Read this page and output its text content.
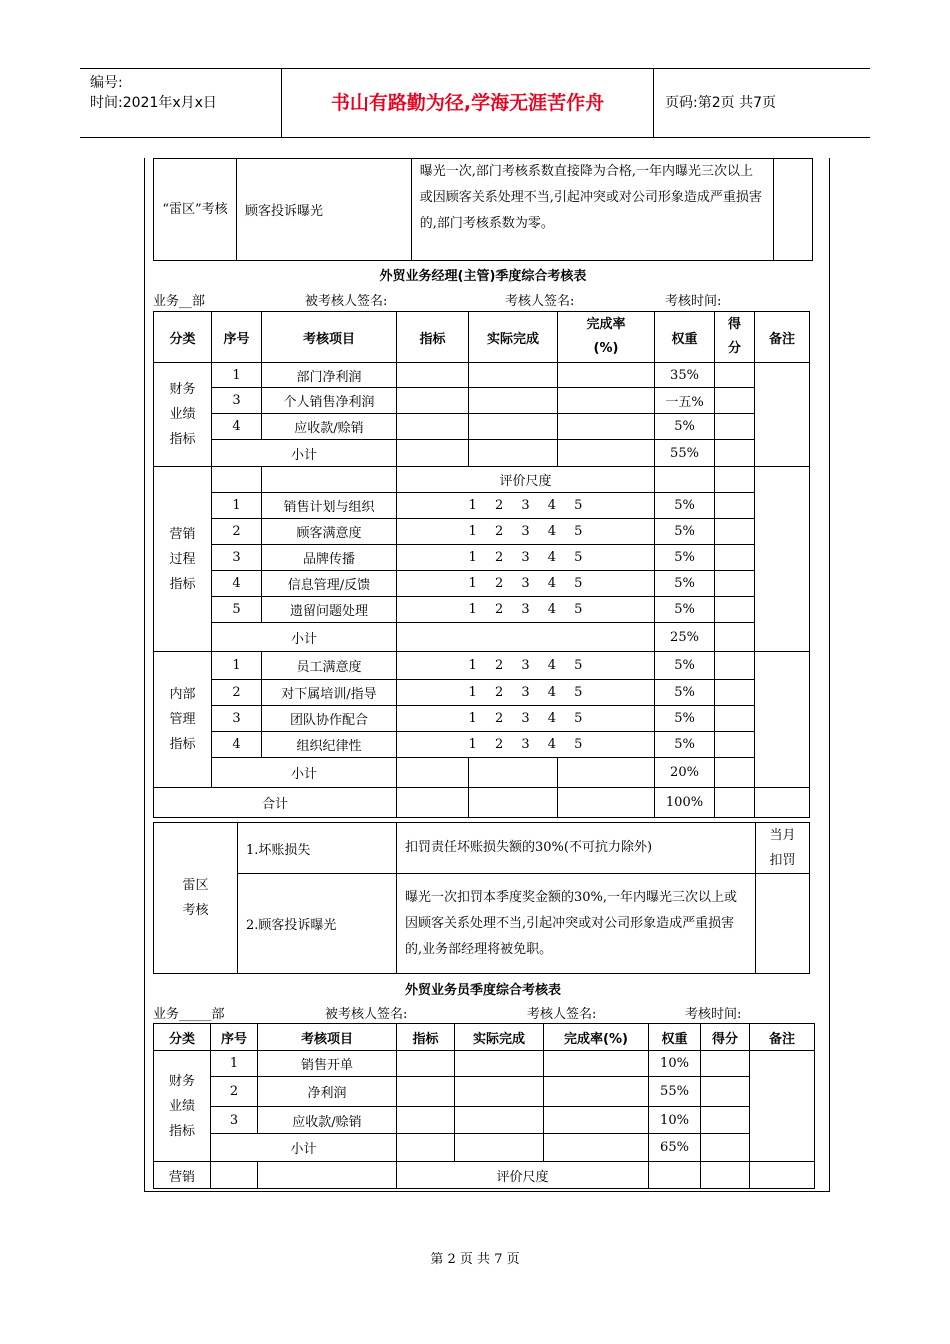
编号:
时间:2021年x月x日	书山有路勤为径,学海无涯苦作舟	页码:第2页 共7页
“雷区”考核	顾客投诉曝光	曝光一次,部门考核系数直接降为合格,一年内曝光三次以上或因顾客关系处理不当,引起冲突或对公司形象造成严重损害的,部门考核系数为零。	
外贸业务经理(主管)季度综合考核表
业务__部	被考核人签名:	考核人签名:	考核时间:
分类	序号	考核项目	指标	实际完成	完成率(%)	权重	得分	备注
财务业绩指标	1	部门净利润				35%		
	3	个人销售净利润				一五%		
	4	应收款/赊销				5%		
	小计					55%		
营销过程指标			评价尺度					
	1	销售计划与组织	1 2 3 4 5			5%		
	2	顾客满意度	1 2 3 4 5			5%		
	3	品牌传播	1 2 3 4 5			5%		
	4	信息管理/反馈	1 2 3 4 5			5%		
	5	遗留问题处理	1 2 3 4 5			5%		
	小计					25%		
内部管理指标	1	员工满意度	1 2 3 4 5			5%		
	2	对下属培训/指导	1 2 3 4 5			5%		
	3	团队协作配合	1 2 3 4 5			5%		
	4	组织纪律性	1 2 3 4 5			5%		
	小计					20%		
合计						100%		
雷区考核	1.坏账损失	扣罚责任坏账损失额的30%(不可抗力除外)	当月扣罚
	2.顾客投诉曝光	曝光一次扣罚本季度奖金额的30%,一年内曝光三次以上或因顾客关系处理不当,引起冲突或对公司形象造成严重损害的,业务部经理将被免职。	
外贸业务员季度综合考核表
业务_____部	被考核人签名:	考核人签名:	考核时间:
分类	序号	考核项目	指标	实际完成	完成率(%)	权重	得分	备注
财务业绩指标	1	销售开单				10%		
	2	净利润				55%		
	3	应收款/赊销				10%		
	小计					65%		
营销			评价尺度					
第 2 页 共 7 页
